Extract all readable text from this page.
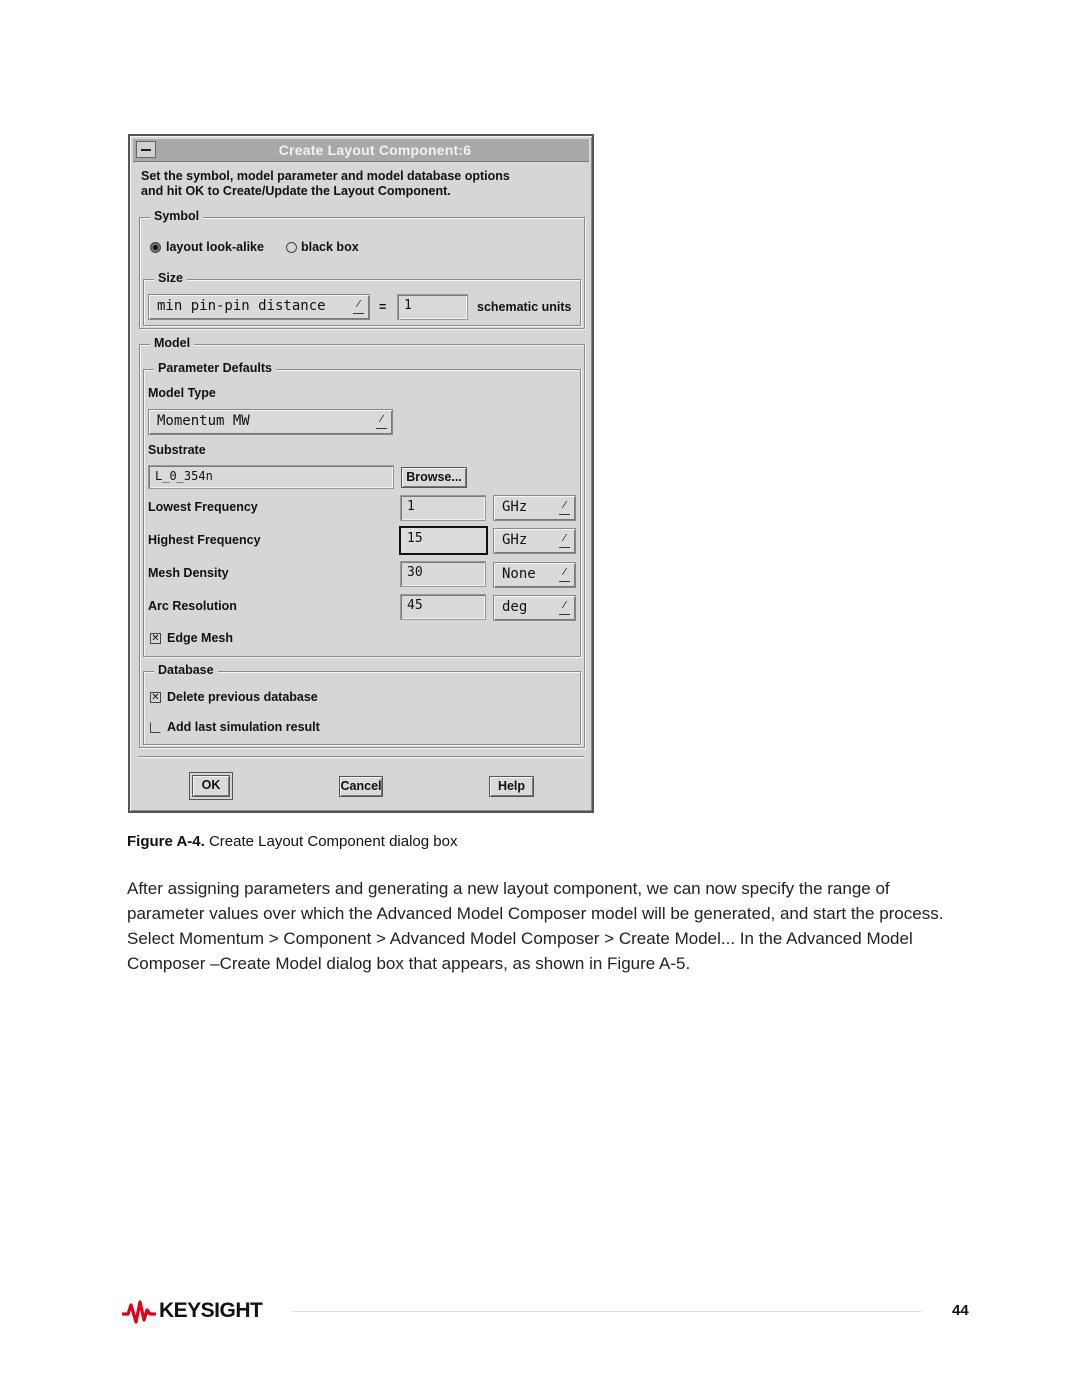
Create Layout Component:6
Set the symbol, model parameter and model database options
and hit OK to Create/Update the Layout Component.
Symbol
layout look-alike	black box
Size
min pin-pin distance	⁄	=	1	schematic units
Model
Parameter Defaults
Model Type
Momentum MW	⁄
Substrate
L_0_354n	Browse...
Lowest Frequency	1	GHz	⁄
Highest Frequency	15	GHz	⁄
Mesh Density	30	None	⁄
Arc Resolution	45	deg	⁄
✕ Edge Mesh
Database
✕ Delete previous database
Add last simulation result
OK	Cancel	Help
Figure A-4. Create Layout Component dialog box
After assigning parameters and generating a new layout component, we can now specify the range of parameter values over which the Advanced Model Composer model will be generated, and start the process. Select Momentum > Component > Advanced Model Composer > Create Model... In the Advanced Model Composer –Create Model dialog box that appears, as shown in Figure A-5.
KEYSIGHT	44
